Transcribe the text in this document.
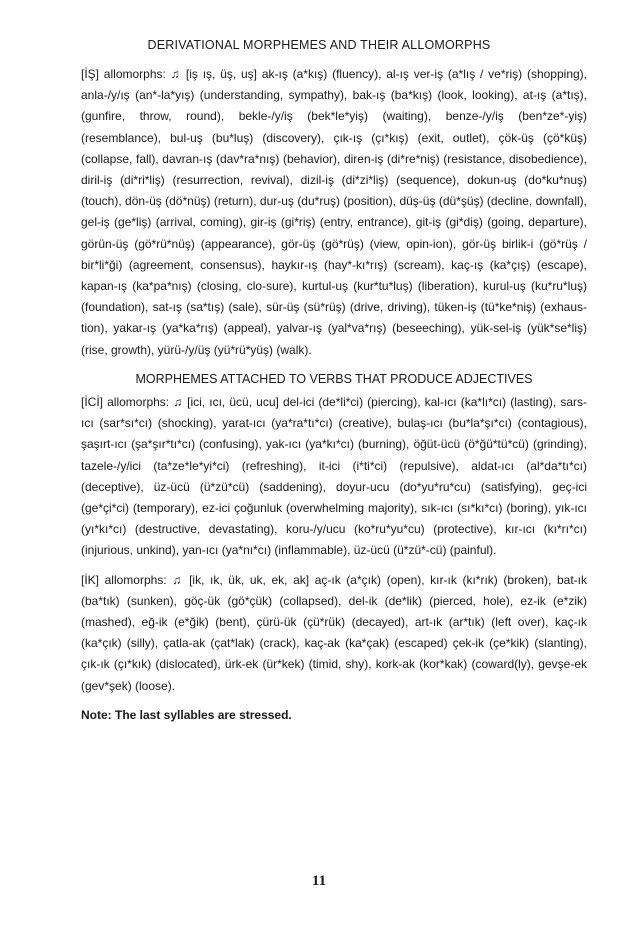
DERIVATIONAL MORPHEMES AND THEIR ALLOMORPHS

[İŞ] allomorphs: ♫ [iş ış, üş, uş] ak-ış (a*kış) (fluency), al-ış ver-iş (a*lış / ve*riş) (shopping), anla-/y/ış (an*-la*yış) (understanding, sympathy), bak-ış (ba*kış) (look, looking), at-ış (a*tış), (gunfire, throw, round), bekle-/y/iş (bek*le*yiş) (waiting), benze-/y/iş (ben*ze*-yiş) (resemblance), bul-uş (bu*luş) (discovery), çık-ış (çı*kış) (exit, outlet), çök-üş (çö*küş) (collapse, fall), davran-ış (dav*ra*nış) (behavior), diren-iş (di*re*niş) (resistance, disobedience), diril-iş (di*ri*liş) (resurrection, revival), dizil-iş (di*zi*liş) (sequence), dokun-uş (do*ku*nuş) (touch), dön-üş (dö*nüş) (return), dur-uş (du*ruş) (position), düş-üş (dü*şüş) (decline, downfall), gel-iş (ge*liş) (arrival, coming), gir-iş (gi*riş) (entry, entrance), git-iş (gi*diş) (going, departure), görün-üş (gö*rü*nüş) (appearance), gör-üş (gö*rüş) (view, opin-ion), gör-üş birlik-i (gö*rüş / bir*li*ği) (agreement, consensus), haykır-ış (hay*-kı*rış) (scream), kaç-ış (ka*çış) (escape), kapan-ış (ka*pa*nış) (closing, clo-sure), kurtul-uş (kur*tu*luş) (liberation), kurul-uş (ku*ru*luş) (foundation), sat-ış (sa*tış) (sale), sür-üş (sü*rüş) (drive, driving), tüken-iş (tü*ke*niş) (exhaus-tion), yakar-ış (ya*ka*rış) (appeal), yalvar-ış (yal*va*rış) (beseeching), yük-sel-iş (yük*se*liş) (rise, growth), yürü-/y/üş (yü*rü*yüş) (walk).

MORPHEMES ATTACHED TO VERBS THAT PRODUCE ADJECTIVES

[İCİ] allomorphs: ♫ [ici, ıcı, ücü, ucu] del-ici (de*li*ci) (piercing), kal-ıcı (ka*lı*cı) (lasting), sars-ıcı (sar*sı*cı) (shocking), yarat-ıcı (ya*ra*tı*cı) (creative), bulaş-ıcı (bu*la*şı*cı) (contagious), şaşırt-ıcı (şa*şır*tı*cı) (confusing), yak-ıcı (ya*kı*cı) (burning), öğüt-ücü (ö*ğü*tü*cü) (grinding), tazele-/y/ici (ta*ze*le*yi*ci) (refreshing), it-ici (i*ti*ci) (repulsive), aldat-ıcı (al*da*tı*cı) (deceptive), üz-ücü (ü*zü*cü) (saddening), doyur-ucu (do*yu*ru*cu) (satisfying), geç-ici (ge*çi*ci) (temporary), ez-ici çoğunluk (overwhelming majority), sık-ıcı (sı*kı*cı) (boring), yık-ıcı (yı*kı*cı) (destructive, devastating), koru-/y/ucu (ko*ru*yu*cu) (protective), kır-ıcı (kı*rı*cı) (injurious, unkind), yan-ıcı (ya*nı*cı) (inflammable), üz-ücü (ü*zü*-cü) (painful).

[İK] allomorphs: ♫ [ik, ık, ük, uk, ek, ak] aç-ık (a*çık) (open), kır-ık (kı*rık) (broken), bat-ık (ba*tık) (sunken), göç-ük (gö*çük) (collapsed), del-ik (de*lik) (pierced, hole), ez-ik (e*zik) (mashed), eğ-ik (e*ğik) (bent), çürü-ük (çü*rük) (decayed), art-ık (ar*tık) (left over), kaç-ık (ka*çık) (silly), çatla-ak (çat*lak) (crack), kaç-ak (ka*çak) (escaped) çek-ik (çe*kik) (slanting), çık-ık (çı*kık) (dislocated), ürk-ek (ür*kek) (timid, shy), kork-ak (kor*kak) (coward(ly), gevşe-ek (gev*şek) (loose).

Note: The last syllables are stressed.
11
